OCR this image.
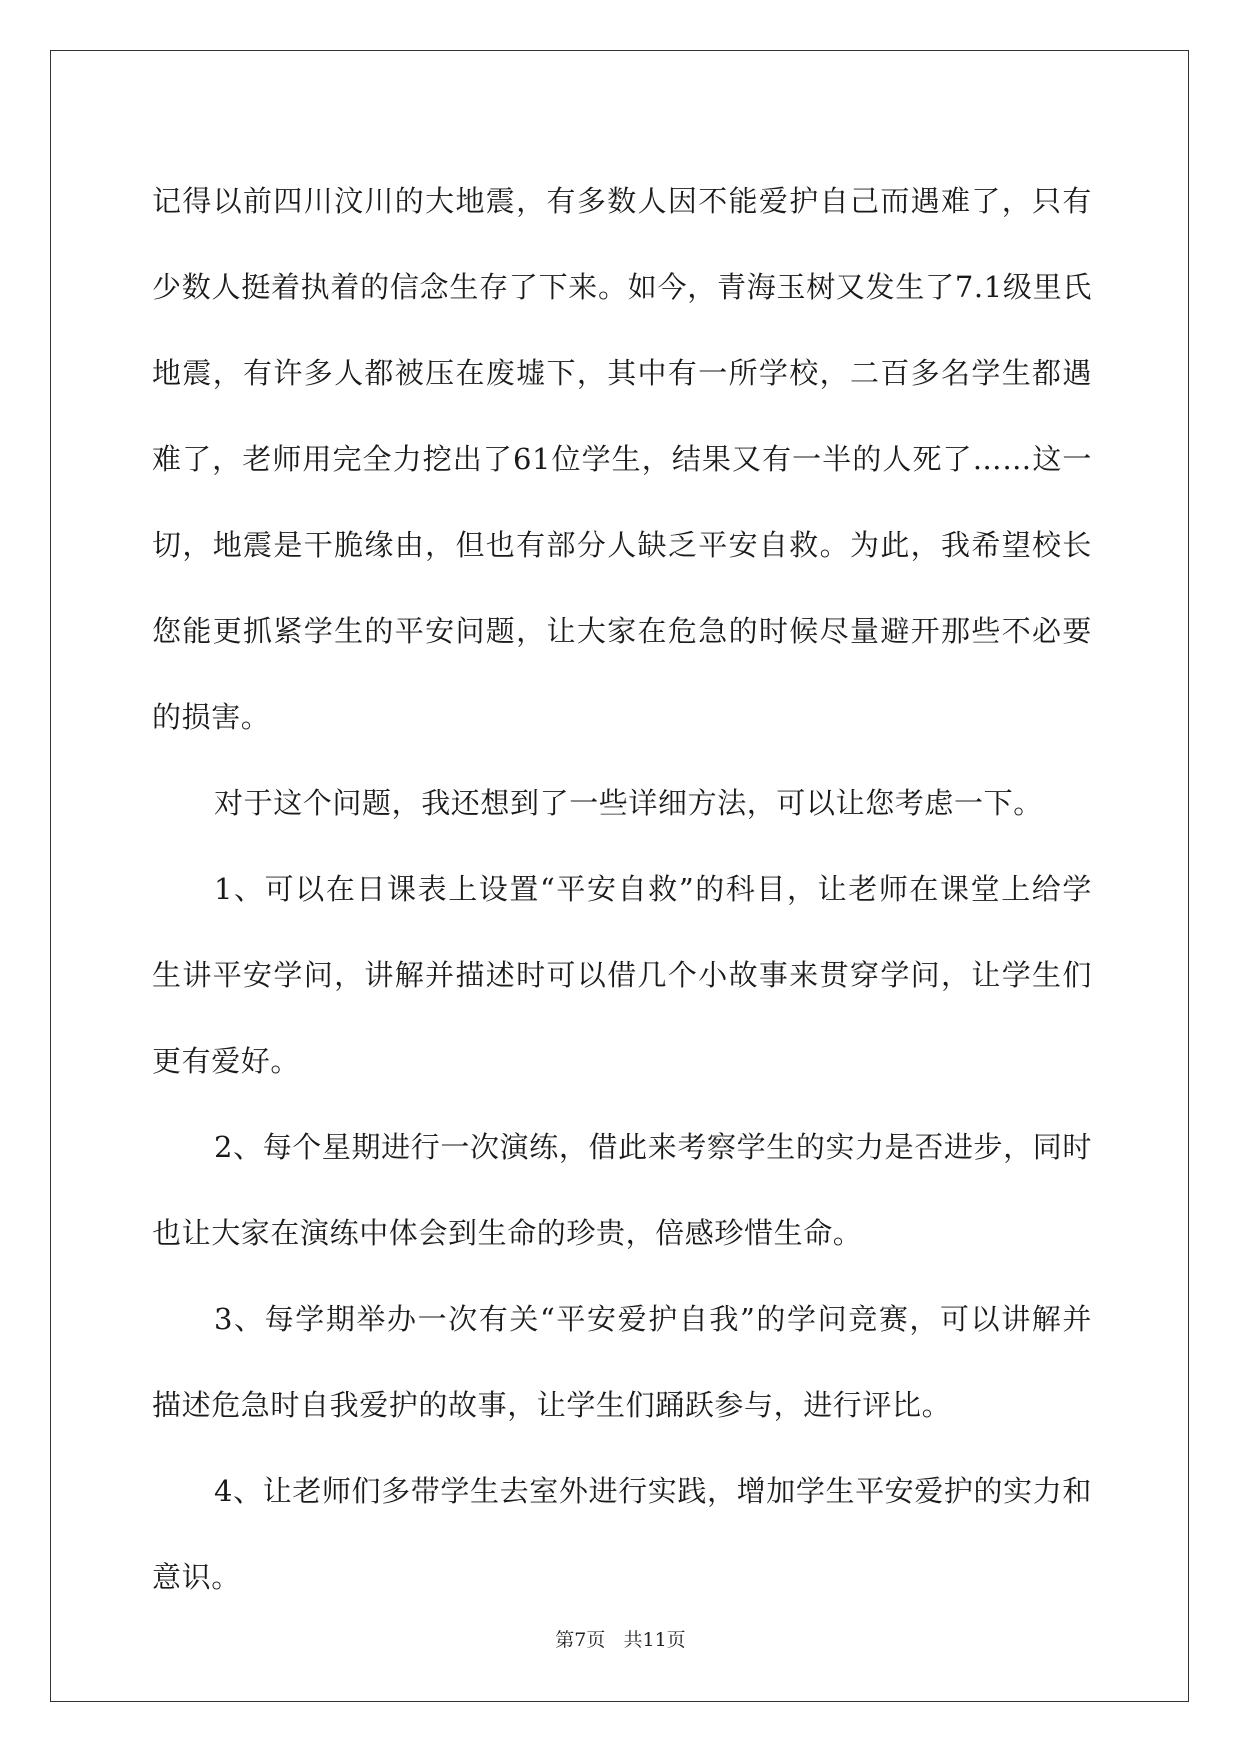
记得以前四川汶川的大地震，有多数人因不能爱护自己而遇难了，只有少数人挺着执着的信念生存了下来。如今，青海玉树又发生了7.1级里氏地震，有许多人都被压在废墟下，其中有一所学校，二百多名学生都遇难了，老师用完全力挖出了61位学生，结果又有一半的人死了……这一切，地震是干脆缘由，但也有部分人缺乏平安自救。为此，我希望校长您能更抓紧学生的平安问题，让大家在危急的时候尽量避开那些不必要的损害。

对于这个问题，我还想到了一些详细方法，可以让您考虑一下。

1、可以在日课表上设置“平安自救”的科目，让老师在课堂上给学生讲平安学问，讲解并描述时可以借几个小故事来贯穿学问，让学生们更有爱好。

2、每个星期进行一次演练，借此来考察学生的实力是否进步，同时也让大家在演练中体会到生命的珍贵，倍感珍惜生命。

3、每学期举办一次有关“平安爱护自我”的学问竞赛，可以讲解并描述危急时自我爱护的故事，让学生们踊跃参与，进行评比。

4、让老师们多带学生去室外进行实践，增加学生平安爱护的实力和意识。

第7页   共11页
